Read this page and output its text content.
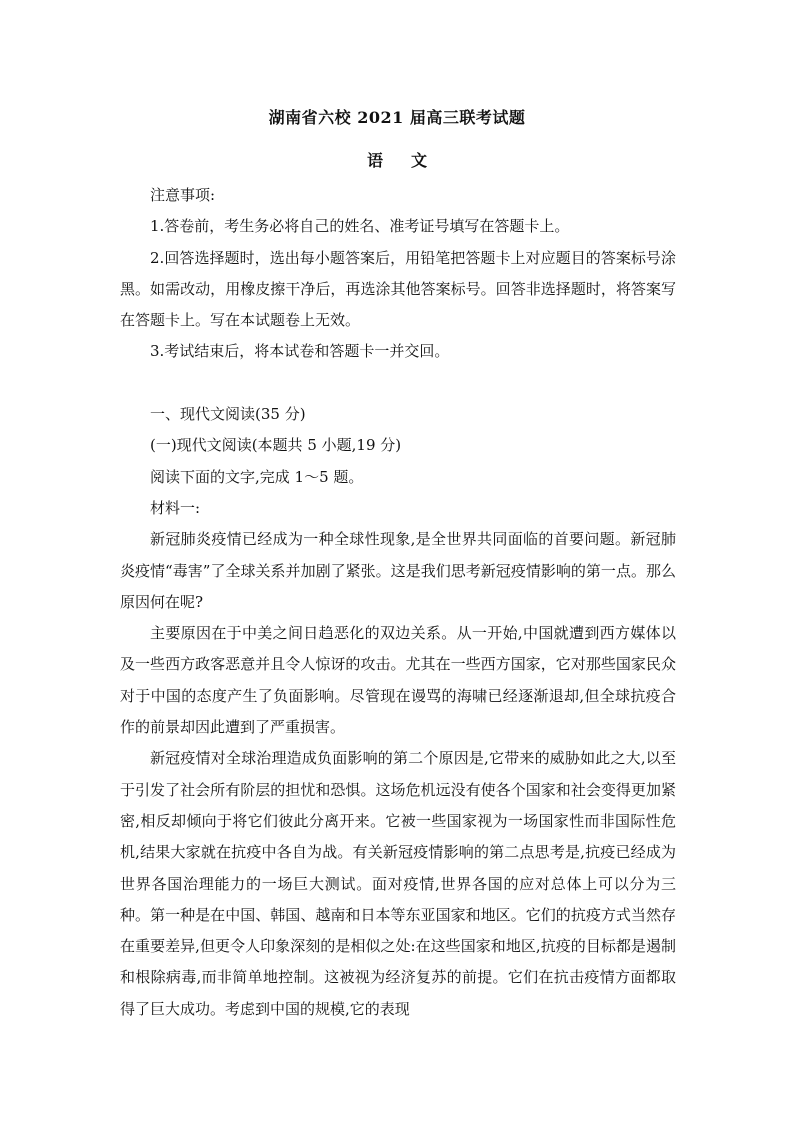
湖南省六校 2021 届高三联考试题
语 文

注意事项:

1.答卷前，考生务必将自己的姓名、准考证号填写在答题卡上。

2.回答选择题时，选出每小题答案后，用铅笔把答题卡上对应题目的答案标号涂黑。如需改动，用橡皮擦干净后，再选涂其他答案标号。回答非选择题时，将答案写在答题卡上。写在本试题卷上无效。

3.考试结束后，将本试卷和答题卡一并交回。

一、现代文阅读(35 分)

(一)现代文阅读(本题共 5 小题,19 分)

阅读下面的文字,完成 1～5 题。

材料一:

新冠肺炎疫情已经成为一种全球性现象,是全世界共同面临的首要问题。新冠肺炎疫情“毒害”了全球关系并加剧了紧张。这是我们思考新冠疫情影响的第一点。那么原因何在呢?

主要原因在于中美之间日趋恶化的双边关系。从一开始,中国就遭到西方媒体以及一些西方政客恶意并且令人惊讶的攻击。尤其在一些西方国家，它对那些国家民众对于中国的态度产生了负面影响。尽管现在谩骂的海啸已经逐渐退却,但全球抗疫合作的前景却因此遭到了严重损害。

新冠疫情对全球治理造成负面影响的第二个原因是,它带来的威胁如此之大,以至于引发了社会所有阶层的担忧和恐惧。这场危机远没有使各个国家和社会变得更加紧密,相反却倾向于将它们彼此分离开来。它被一些国家视为一场国家性而非国际性危机,结果大家就在抗疫中各自为战。有关新冠疫情影响的第二点思考是,抗疫已经成为世界各国治理能力的一场巨大测试。面对疫情,世界各国的应对总体上可以分为三种。第一种是在中国、韩国、越南和日本等东亚国家和地区。它们的抗疫方式当然存在重要差异,但更令人印象深刻的是相似之处:在这些国家和地区,抗疫的目标都是遏制和根除病毒,而非简单地控制。这被视为经济复苏的前提。它们在抗击疫情方面都取得了巨大成功。考虑到中国的规模,它的表现
